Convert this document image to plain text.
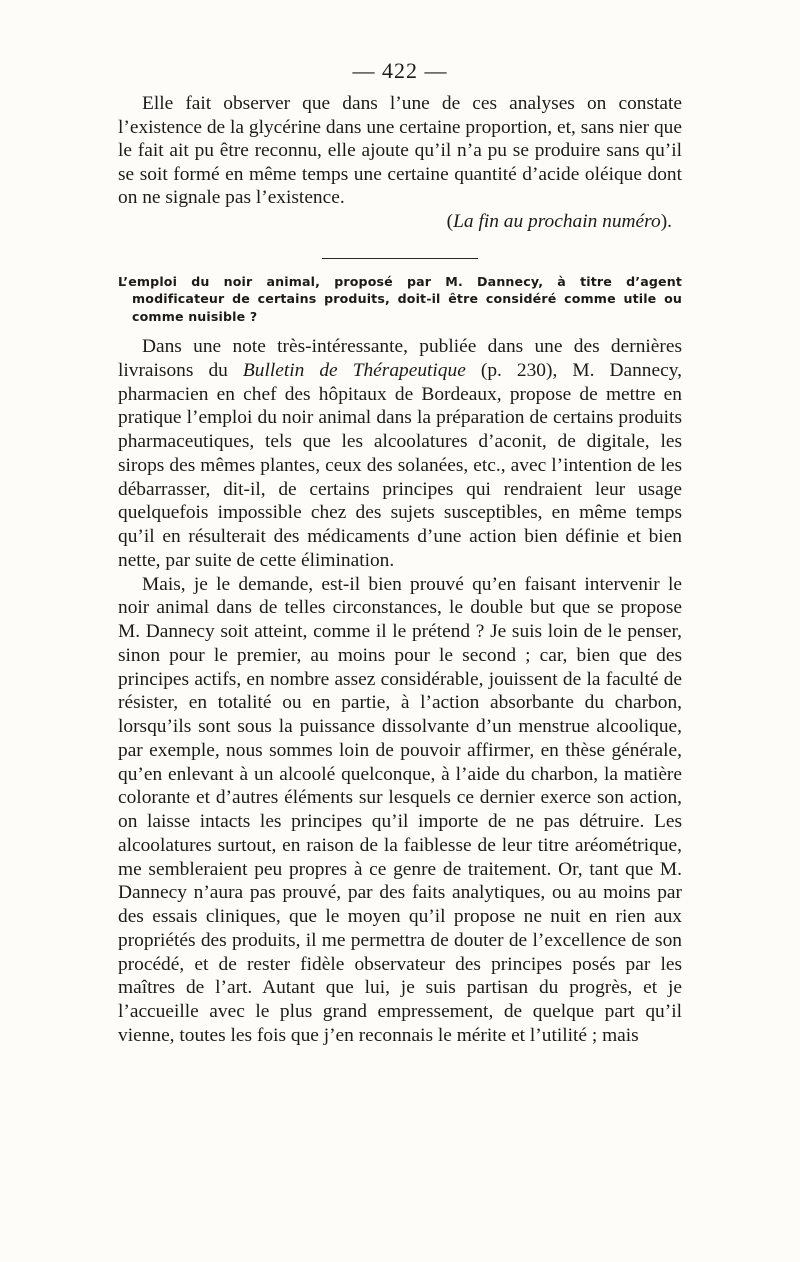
— 422 —

Elle fait observer que dans l’une de ces analyses on constate l’existence de la glycérine dans une certaine proportion, et, sans nier que le fait ait pu être reconnu, elle ajoute qu’il n’a pu se produire sans qu’il se soit formé en même temps une certaine quantité d’acide oléique dont on ne signale pas l’existence.

(La fin au prochain numéro).

L’emploi du noir animal, proposé par M. Dannecy, à titre d’agent modificateur de certains produits, doit-il être considéré comme utile ou comme nuisible ?

Dans une note très-intéressante, publiée dans une des dernières livraisons du Bulletin de Thérapeutique (p. 230), M. Dannecy, pharmacien en chef des hôpitaux de Bordeaux, propose de mettre en pratique l’emploi du noir animal dans la préparation de certains produits pharmaceutiques, tels que les alcoolatures d’aconit, de digitale, les sirops des mêmes plantes, ceux des solanées, etc., avec l’intention de les débarrasser, dit-il, de certains principes qui rendraient leur usage quelquefois impossible chez des sujets susceptibles, en même temps qu’il en résulterait des médicaments d’une action bien définie et bien nette, par suite de cette élimination.

Mais, je le demande, est-il bien prouvé qu’en faisant intervenir le noir animal dans de telles circonstances, le double but que se propose M. Dannecy soit atteint, comme il le prétend ? Je suis loin de le penser, sinon pour le premier, au moins pour le second ; car, bien que des principes actifs, en nombre assez considérable, jouissent de la faculté de résister, en totalité ou en partie, à l’action absorbante du charbon, lorsqu’ils sont sous la puissance dissolvante d’un menstrue alcoolique, par exemple, nous sommes loin de pouvoir affirmer, en thèse générale, qu’en enlevant à un alcoolé quelconque, à l’aide du charbon, la matière colorante et d’autres éléments sur lesquels ce dernier exerce son action, on laisse intacts les principes qu’il importe de ne pas détruire. Les alcoolatures surtout, en raison de la faiblesse de leur titre aréométrique, me sembleraient peu propres à ce genre de traitement. Or, tant que M. Dannecy n’aura pas prouvé, par des faits analytiques, ou au moins par des essais cliniques, que le moyen qu’il propose ne nuit en rien aux propriétés des produits, il me permettra de douter de l’excellence de son procédé, et de rester fidèle observateur des principes posés par les maîtres de l’art. Autant que lui, je suis partisan du progrès, et je l’accueille avec le plus grand empressement, de quelque part qu’il vienne, toutes les fois que j’en reconnais le mérite et l’utilité ; mais
